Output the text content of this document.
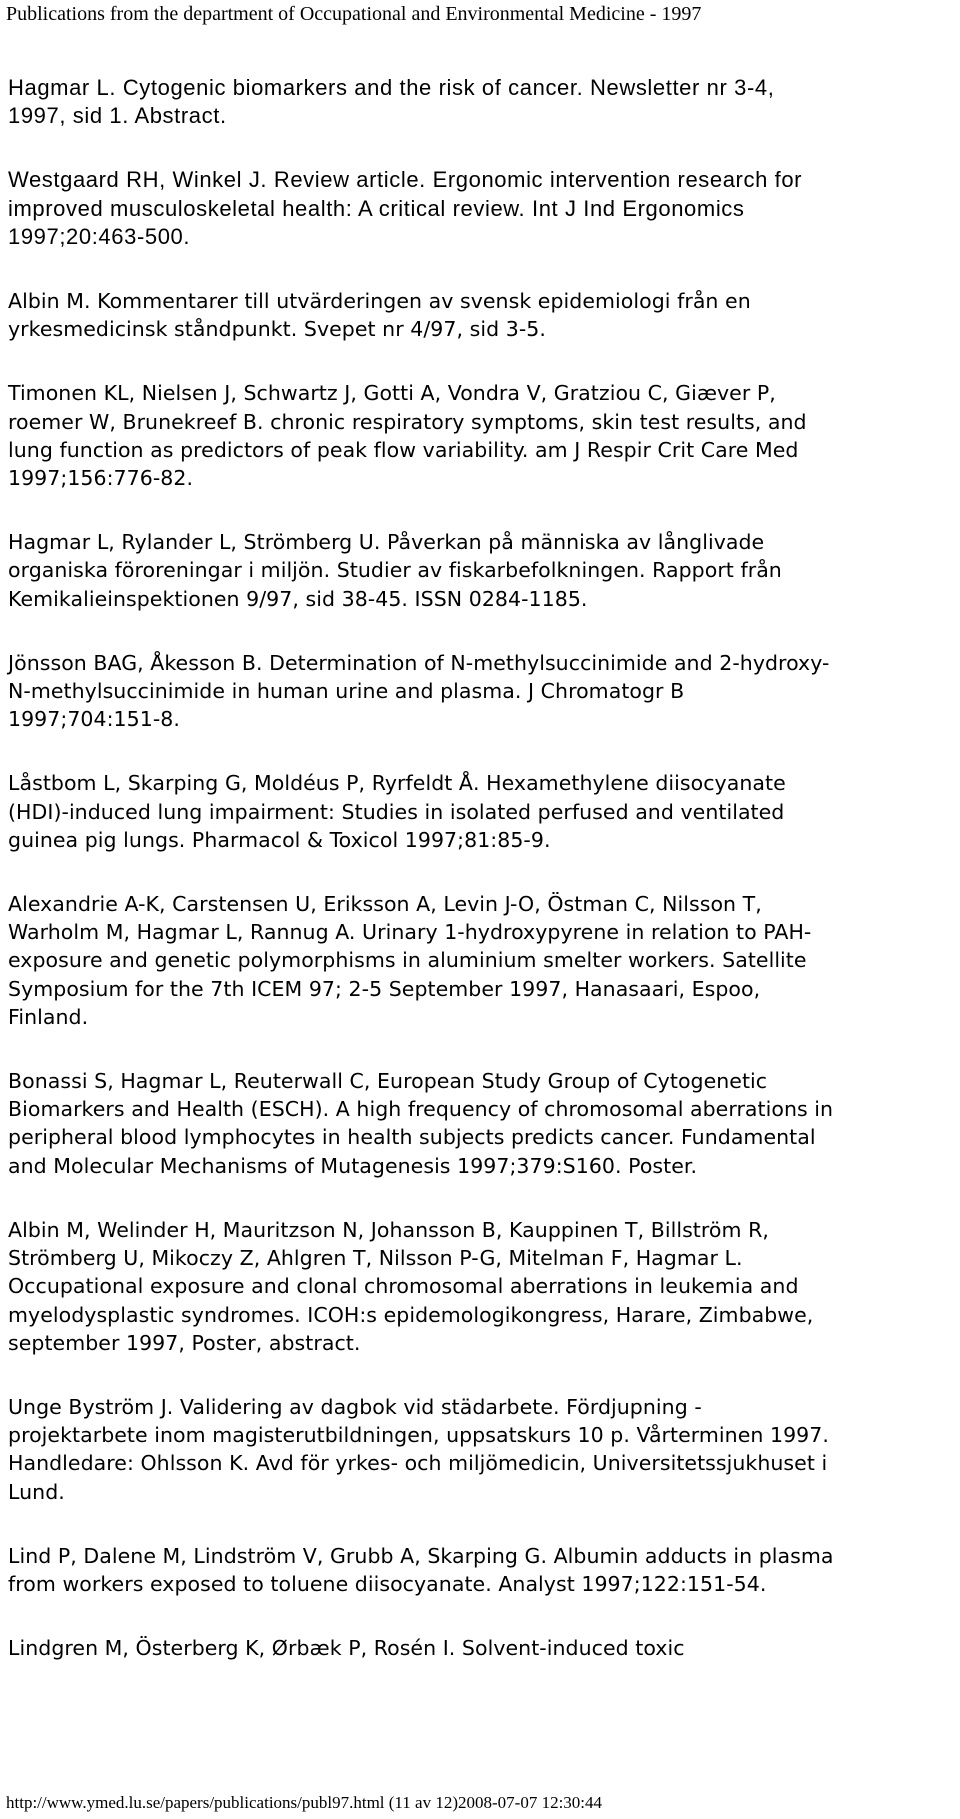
Publications from the department of Occupational and Environmental Medicine - 1997
Hagmar L. Cytogenic biomarkers and the risk of cancer. Newsletter nr 3-4,
1997, sid 1. Abstract.
Westgaard RH, Winkel J. Review article. Ergonomic intervention research for
improved musculoskeletal health: A critical review. Int J Ind Ergonomics
1997;20:463-500.
Albin M. Kommentarer till utvärderingen av svensk epidemiologi från en
yrkesmedicinsk ståndpunkt. Svepet nr 4/97, sid 3-5.
Timonen KL, Nielsen J, Schwartz J, Gotti A, Vondra V, Gratziou C, Giæver P,
roemer W, Brunekreef B. chronic respiratory symptoms, skin test results, and
lung function as predictors of peak flow variability. am J Respir Crit Care Med
1997;156:776-82.
Hagmar L, Rylander L, Strömberg U. Påverkan på människa av långlivade
organiska föroreningar i miljön. Studier av fiskarbefolkningen. Rapport från
Kemikalieinspektionen 9/97, sid 38-45. ISSN 0284-1185.
Jönsson BAG, Åkesson B. Determination of N-methylsuccinimide and 2-hydroxy-
N-methylsuccinimide in human urine and plasma. J Chromatogr B
1997;704:151-8.
Låstbom L, Skarping G, Moldéus P, Ryrfeldt Å. Hexamethylene diisocyanate
(HDI)-induced lung impairment: Studies in isolated perfused and ventilated
guinea pig lungs. Pharmacol & Toxicol 1997;81:85-9.
Alexandrie A-K, Carstensen U, Eriksson A, Levin J-O, Östman C, Nilsson T,
Warholm M, Hagmar L, Rannug A. Urinary 1-hydroxypyrene in relation to PAH-
exposure and genetic polymorphisms in aluminium smelter workers. Satellite
Symposium for the 7th ICEM 97; 2-5 September 1997, Hanasaari, Espoo,
Finland.
Bonassi S, Hagmar L, Reuterwall C, European Study Group of Cytogenetic
Biomarkers and Health (ESCH). A high frequency of chromosomal aberrations in
peripheral blood lymphocytes in health subjects predicts cancer. Fundamental
and Molecular Mechanisms of Mutagenesis 1997;379:S160. Poster.
Albin M, Welinder H, Mauritzson N, Johansson B, Kauppinen T, Billström R,
Strömberg U, Mikoczy Z, Ahlgren T, Nilsson P-G, Mitelman F, Hagmar L.
Occupational exposure and clonal chromosomal aberrations in leukemia and
myelodysplastic syndromes. ICOH:s epidemologikongress, Harare, Zimbabwe,
september 1997, Poster, abstract.
Unge Byström J. Validering av dagbok vid städarbete. Fördjupning -
projektarbete inom magisterutbildningen, uppsatskurs 10 p. Vårterminen 1997.
Handledare: Ohlsson K. Avd för yrkes- och miljömedicin, Universitetssjukhuset i
Lund.
Lind P, Dalene M, Lindström V, Grubb A, Skarping G. Albumin adducts in plasma
from workers exposed to toluene diisocyanate. Analyst 1997;122:151-54.
Lindgren M, Österberg K, Ørbæk P, Rosén I. Solvent-induced toxic
http://www.ymed.lu.se/papers/publications/publ97.html (11 av 12)2008-07-07 12:30:44
